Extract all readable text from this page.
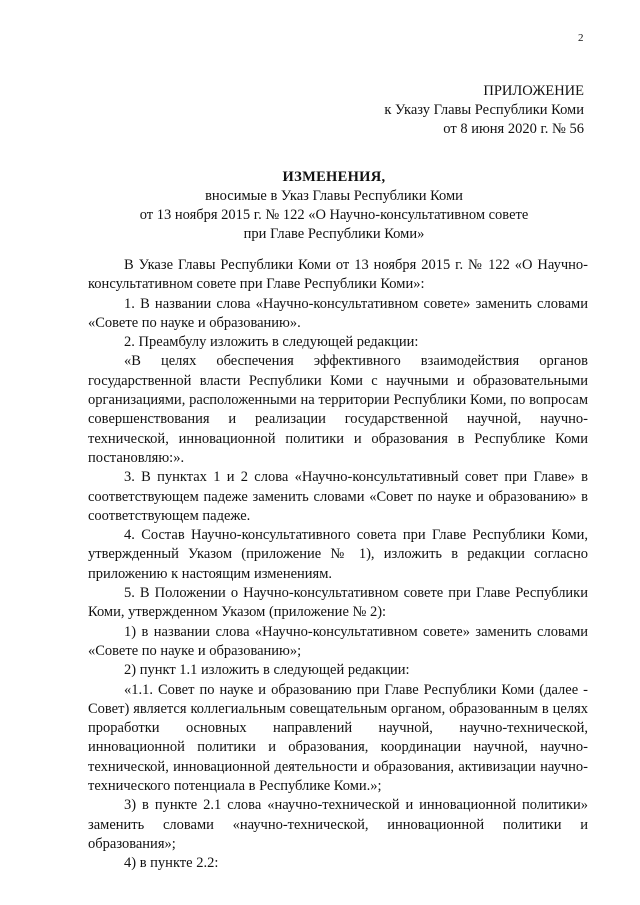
2
ПРИЛОЖЕНИЕ
к Указу Главы Республики Коми
от 8 июня 2020 г. № 56
ИЗМЕНЕНИЯ,
вносимые в Указ Главы Республики Коми
от 13 ноября 2015 г. № 122 «О Научно-консультативном совете
при Главе Республики Коми»

В Указе Главы Республики Коми от 13 ноября 2015 г. № 122 «О Научно-консультативном совете при Главе Республики Коми»:

1. В названии слова «Научно-консультативном совете» заменить словами «Совете по науке и образованию».

2. Преамбулу изложить в следующей редакции:

«В целях обеспечения эффективного взаимодействия органов государственной власти Республики Коми с научными и образовательными организациями, расположенными на территории Республики Коми, по вопросам совершенствования и реализации государственной научной, научно-технической, инновационной политики и образования в Республике Коми постановляю:».

3. В пунктах 1 и 2 слова «Научно-консультативный совет при Главе» в соответствующем падеже заменить словами «Совет по науке и образованию» в соответствующем падеже.

4. Состав Научно-консультативного совета при Главе Республики Коми, утвержденный Указом (приложение № 1), изложить в редакции согласно приложению к настоящим изменениям.

5. В Положении о Научно-консультативном совете при Главе Республики Коми, утвержденном Указом (приложение № 2):

1) в названии слова «Научно-консультативном совете» заменить словами «Совете по науке и образованию»;

2) пункт 1.1 изложить в следующей редакции:

«1.1. Совет по науке и образованию при Главе Республики Коми (далее - Совет) является коллегиальным совещательным органом, образованным в целях проработки основных направлений научной, научно-технической, инновационной политики и образования, координации научной, научно-технической, инновационной деятельности и образования, активизации научно-технического потенциала в Республике Коми.»;

3) в пункте 2.1 слова «научно-технической и инновационной политики» заменить словами «научно-технической, инновационной политики и образования»;

4) в пункте 2.2:
